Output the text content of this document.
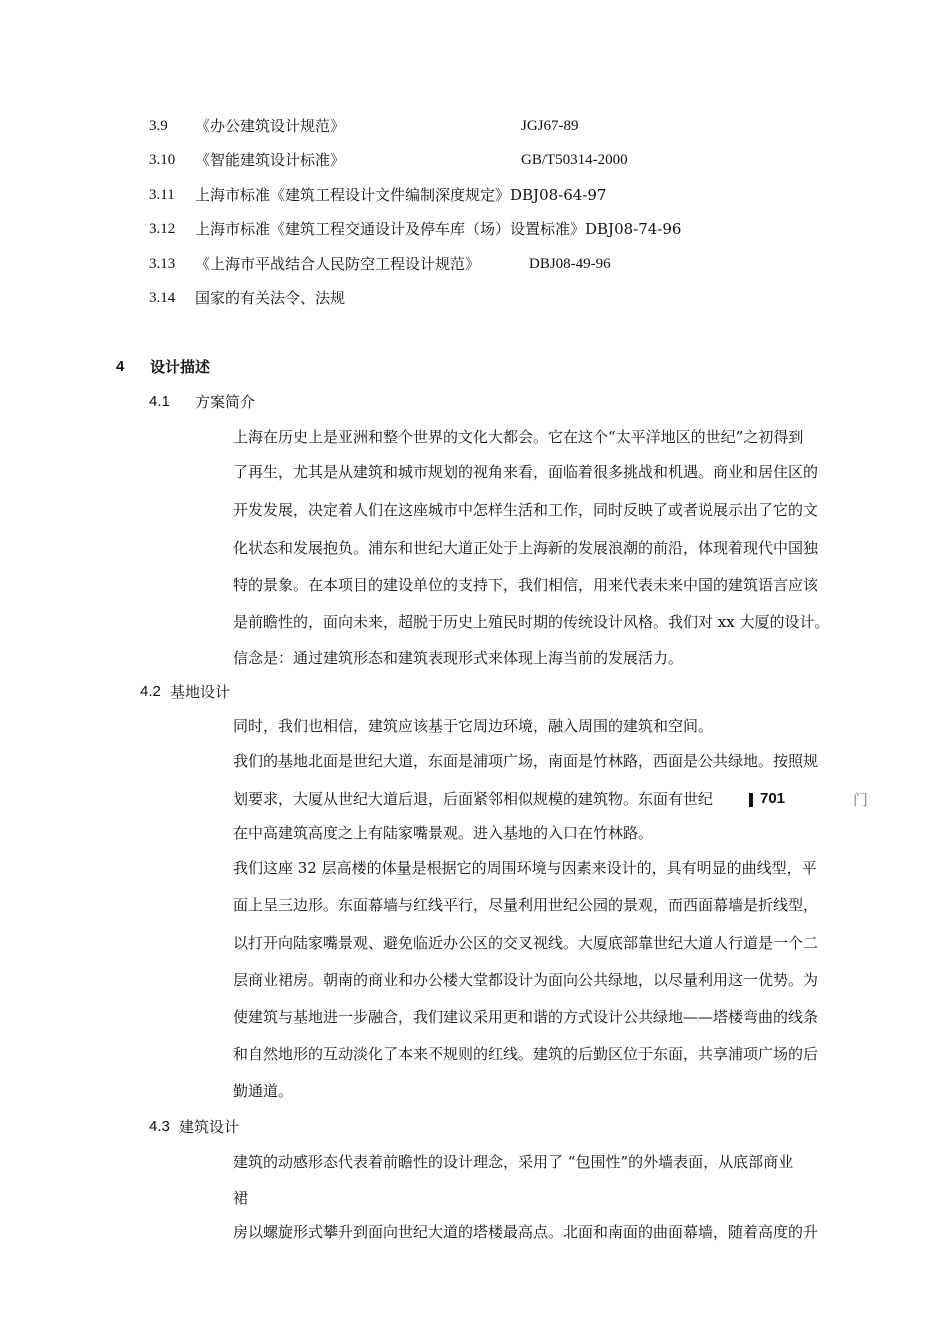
3.9 《办公建筑设计规范》	JGJ67-89
3.10 《智能建筑设计标准》	GB/T50314-2000
3.11 上海市标准《建筑工程设计文件编制深度规定》DBJ08-64-97
3.12 上海市标准《建筑工程交通设计及停车库（场）设置标准》DBJ08-74-96
3.13 《上海市平战结合人民防空工程设计规范》	DBJ08-49-96
3.14 国家的有关法令、法规
4 设计描述
4.1 方案简介
上海在历史上是亚洲和整个世界的文化大都会。它在这个“太平洋地区的世纪”之初得到
了再生，尤其是从建筑和城市规划的视角来看，面临着很多挑战和机遇。商业和居住区的
开发发展，决定着人们在这座城市中怎样生活和工作，同时反映了或者说展示出了它的文
化状态和发展抱负。浦东和世纪大道正处于上海新的发展浪潮的前沿，体现着现代中国独
特的景象。在本项目的建设单位的支持下，我们相信，用来代表未来中国的建筑语言应该
是前瞻性的，面向未来，超脱于历史上殖民时期的传统设计风格。我们对 xx 大厦的设计。
信念是：通过建筑形态和建筑表现形式来体现上海当前的发展活力。
4.2 基地设计
同时，我们也相信，建筑应该基于它周边环境，融入周围的建筑和空间。
我们的基地北面是世纪大道，东面是浦项广场，南面是竹林路，西面是公共绿地。按照规
划要求，大厦从世纪大道后退，后面紧邻相似规模的建筑物。东面有世纪	701	门
在中高建筑高度之上有陆家嘴景观。进入基地的入口在竹林路。
我们这座 32 层高楼的体量是根据它的周围环境与因素来设计的，具有明显的曲线型，平
面上呈三边形。东面幕墙与红线平行，尽量利用世纪公园的景观，而西面幕墙是折线型，
以打开向陆家嘴景观、避免临近办公区的交叉视线。大厦底部靠世纪大道人行道是一个二
层商业裙房。朝南的商业和办公楼大堂都设计为面向公共绿地，以尽量利用这一优势。为
使建筑与基地进一步融合，我们建议采用更和谐的方式设计公共绿地——塔楼弯曲的线条
和自然地形的互动淡化了本来不规则的红线。建筑的后勤区位于东面，共享浦项广场的后
勤通道。
4.3 建筑设计
建筑的动感形态代表着前瞻性的设计理念，采用了 “包围性”的外墙表面，从底部商业
裙
房以螺旋形式攀升到面向世纪大道的塔楼最高点。北面和南面的曲面幕墙，随着高度的升
